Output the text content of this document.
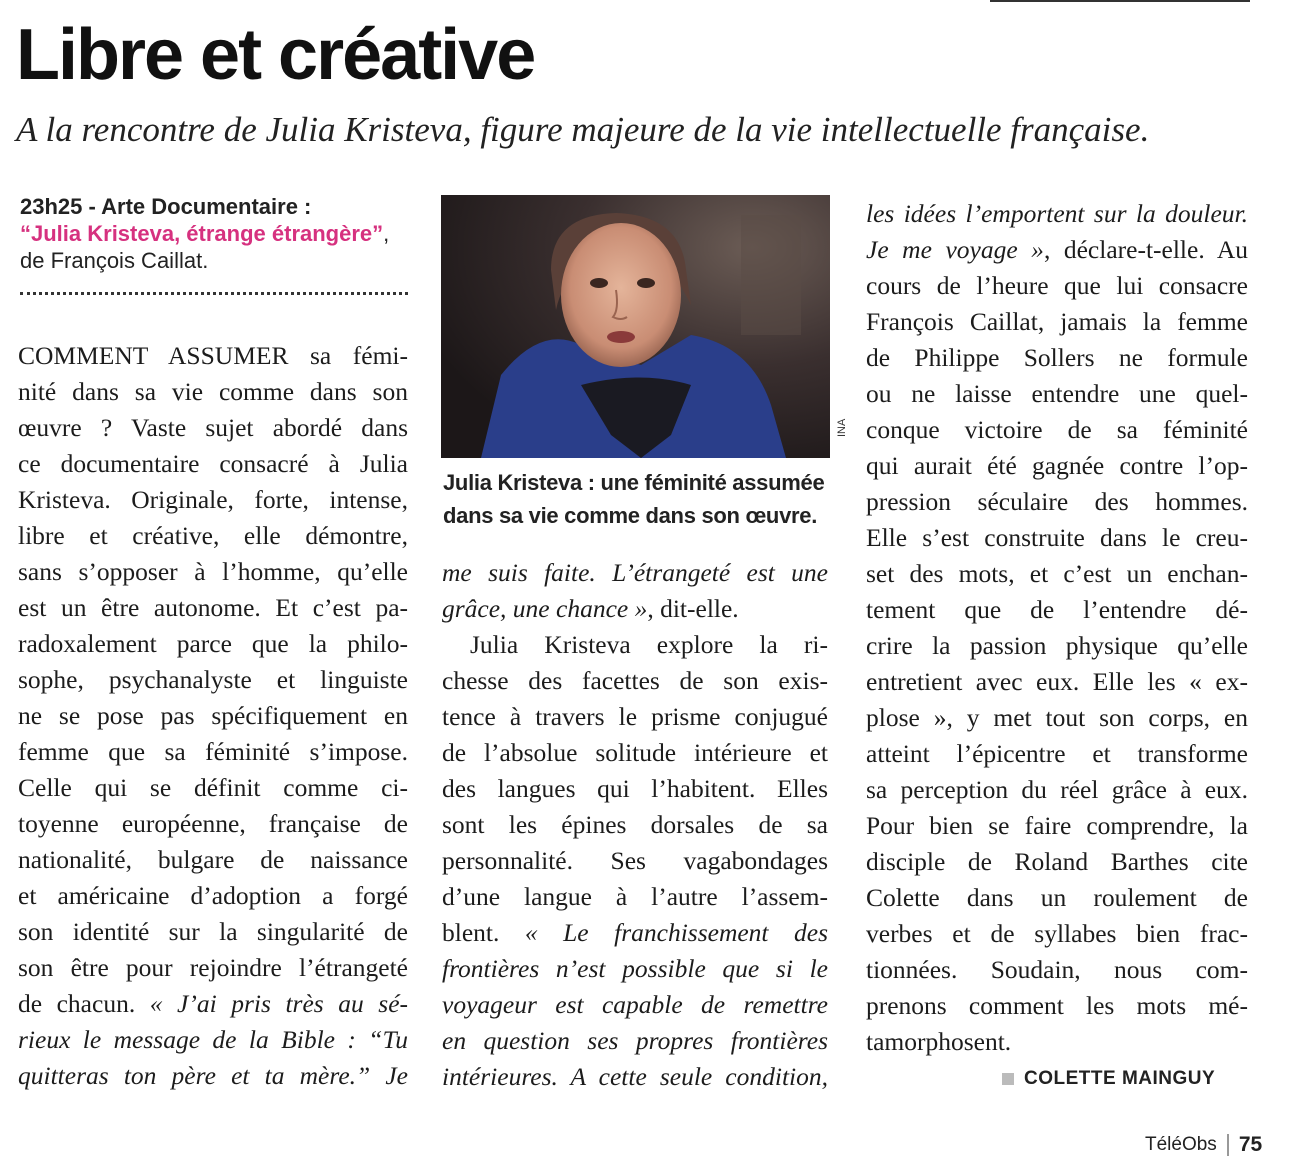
Libre et créative
A la rencontre de Julia Kristeva, figure majeure de la vie intellectuelle française.
23h25 - Arte Documentaire :
“Julia Kristeva, étrange étrangère”, de François Caillat.
COMMENT ASSUMER sa fémi-
nité dans sa vie comme dans son
œuvre ? Vaste sujet abordé dans
ce documentaire consacré à Julia
Kristeva. Originale, forte, intense,
libre et créative, elle démontre,
sans s’opposer à l’homme, qu’elle
est un être autonome. Et c’est pa-
radoxalement parce que la philo-
sophe, psychanalyste et linguiste
ne se pose pas spécifiquement en
femme que sa féminité s’impose.
Celle qui se définit comme ci-
toyenne européenne, française de
nationalité, bulgare de naissance
et américaine d’adoption a forgé
son identité sur la singularité de
son être pour rejoindre l’étrangeté
de chacun. « J’ai pris très au sé-
rieux le message de la Bible : “Tu
quitteras ton père et ta mère.” Je
INA
Julia Kristeva : une féminité assumée dans sa vie comme dans son œuvre.
me suis faite. L’étrangeté est une
grâce, une chance », dit-elle.
Julia Kristeva explore la ri-
chesse des facettes de son exis-
tence à travers le prisme conjugué
de l’absolue solitude intérieure et
des langues qui l’habitent. Elles
sont les épines dorsales de sa
personnalité. Ses vagabondages
d’une langue à l’autre l’assem-
blent. « Le franchissement des
frontières n’est possible que si le
voyageur est capable de remettre
en question ses propres frontières
intérieures. A cette seule condition,
les idées l’emportent sur la douleur.
Je me voyage », déclare-t-elle. Au
cours de l’heure que lui consacre
François Caillat, jamais la femme
de Philippe Sollers ne formule
ou ne laisse entendre une quel-
conque victoire de sa féminité
qui aurait été gagnée contre l’op-
pression séculaire des hommes.
Elle s’est construite dans le creu-
set des mots, et c’est un enchan-
tement que de l’entendre dé-
crire la passion physique qu’elle
entretient avec eux. Elle les « ex-
plose », y met tout son corps, en
atteint l’épicentre et transforme
sa perception du réel grâce à eux.
Pour bien se faire comprendre, la
disciple de Roland Barthes cite
Colette dans un roulement de
verbes et de syllabes bien frac-
tionnées. Soudain, nous com-
prenons comment les mots mé-
tamorphosent.
COLETTE MAINGUY
TéléObs 75
